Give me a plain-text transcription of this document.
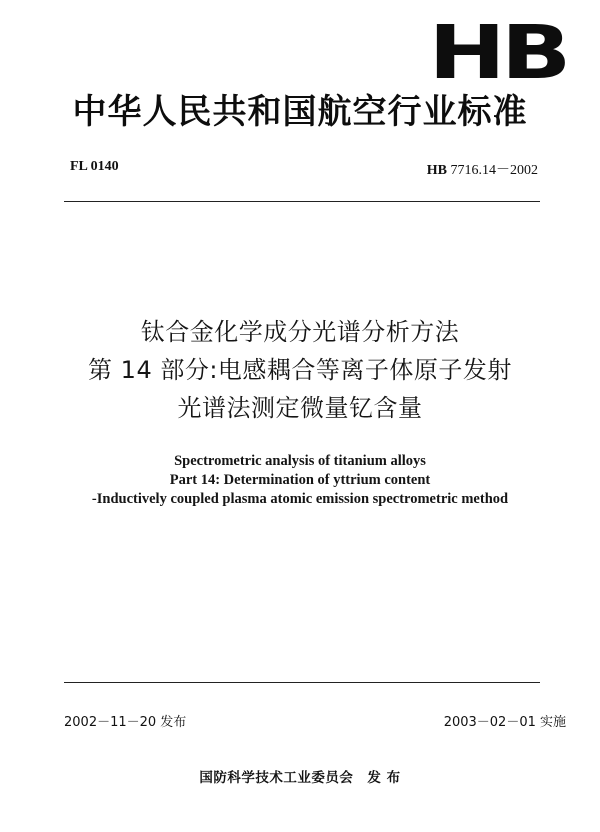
HB
中华人民共和国航空行业标准
FL 0140	HB 7716.14－2002
钛合金化学成分光谱分析方法
第 14 部分:电感耦合等离子体原子发射
光谱法测定微量钇含量
Spectrometric analysis of titanium alloys
Part 14: Determination of yttrium content
-Inductively coupled plasma atomic emission spectrometric method
2002－11－20 发布	2003－02－01 实施
国防科学技术工业委员会　发 布
